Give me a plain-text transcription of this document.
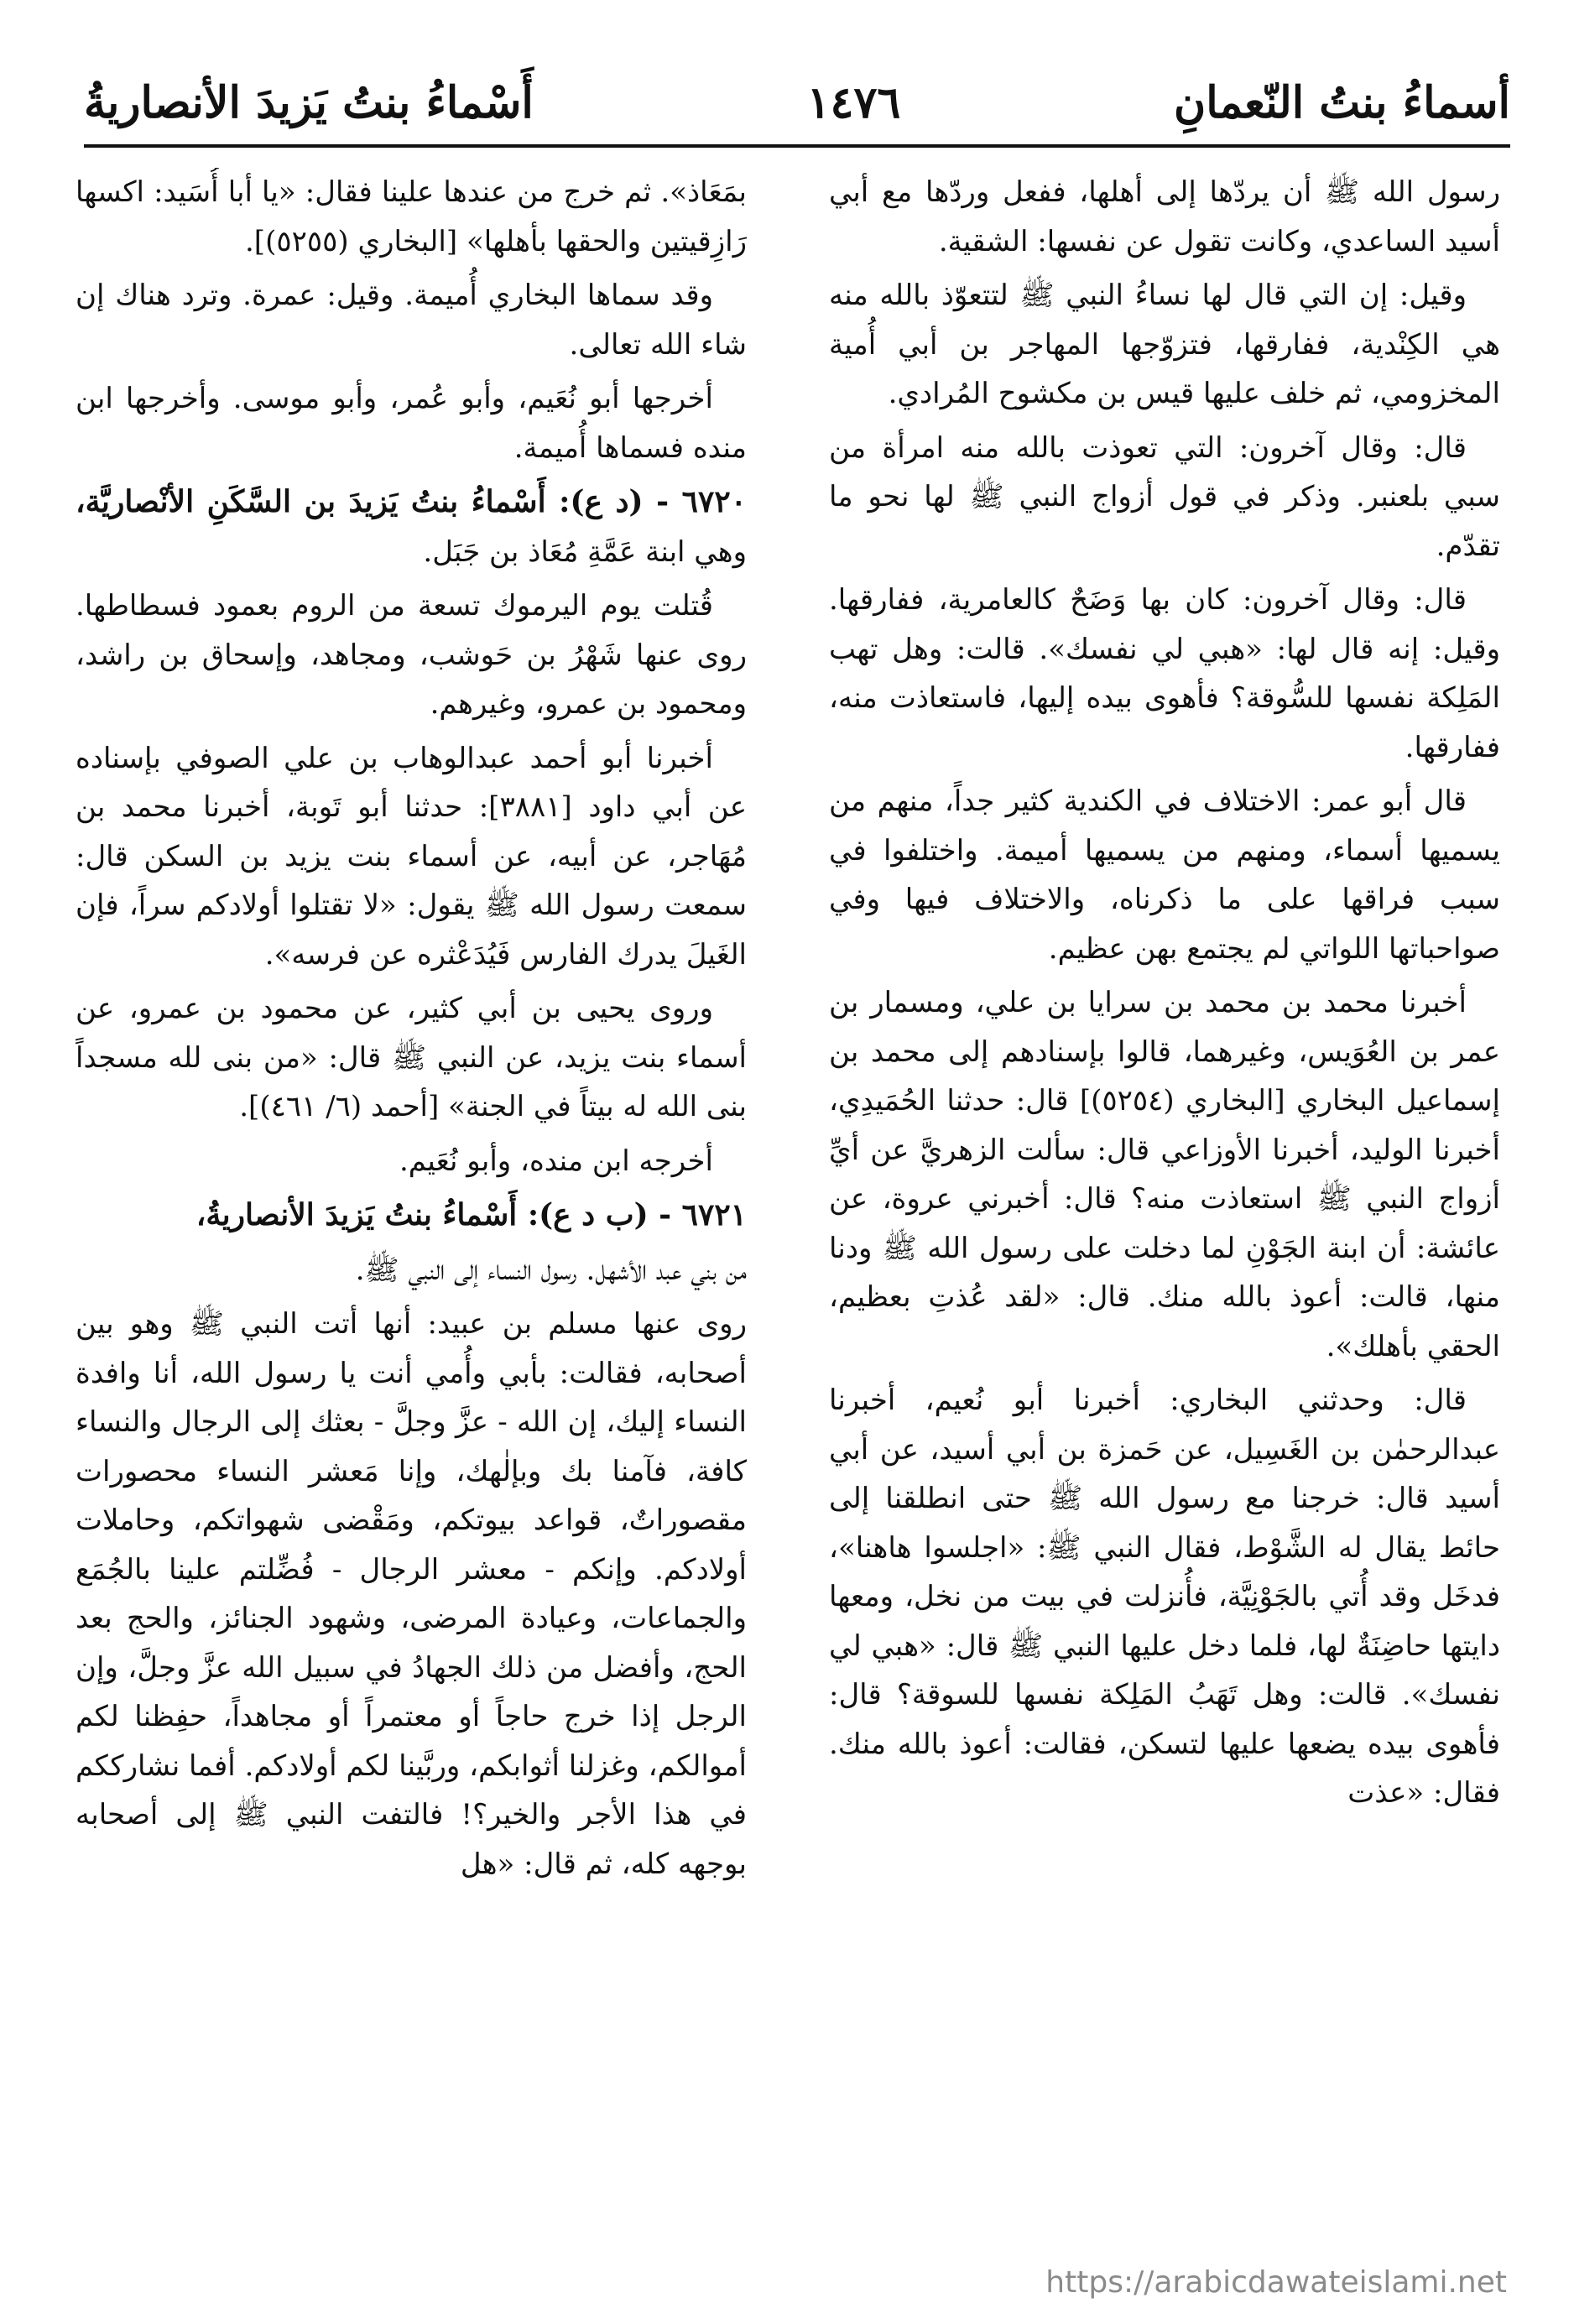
أسماءُ بنتُ النّعمانِ
١٤٧٦
أَسْماءُ بنتُ يَزيدَ الأنصاريةُ

رسول الله ﷺ أن يردّها إلى أهلها، ففعل وردّها مع أبي أسيد الساعدي، وكانت تقول عن نفسها: الشقية.

وقيل: إن التي قال لها نساءُ النبي ﷺ لتتعوّذ بالله منه هي الكِنْدية، ففارقها، فتزوّجها المهاجر بن أبي أُمية المخزومي، ثم خلف عليها قيس بن مكشوح المُرادي.

قال: وقال آخرون: التي تعوذت بالله منه امرأة من سبي بلعنبر. وذكر في قول أزواج النبي ﷺ لها نحو ما تقدّم.

قال: وقال آخرون: كان بها وَضَحٌ كالعامرية، ففارقها. وقيل: إنه قال لها: «هبي لي نفسك». قالت: وهل تهب المَلِكة نفسها للسُّوقة؟ فأهوى بيده إليها، فاستعاذت منه، ففارقها.

قال أبو عمر: الاختلاف في الكندية كثير جداً، منهم من يسميها أسماء، ومنهم من يسميها أميمة. واختلفوا في سبب فراقها على ما ذكرناه، والاختلاف فيها وفي صواحباتها اللواتي لم يجتمع بهن عظيم.

أخبرنا محمد بن محمد بن سرايا بن علي، ومسمار بن عمر بن العُوَيس، وغيرهما، قالوا بإسنادهم إلى محمد بن إسماعيل البخاري [البخاري (٥٢٥٤)] قال: حدثنا الحُمَيدِي، أخبرنا الوليد، أخبرنا الأوزاعي قال: سألت الزهريَّ عن أيِّ أزواج النبي ﷺ استعاذت منه؟ قال: أخبرني عروة، عن عائشة: أن ابنة الجَوْنِ لما دخلت على رسول الله ﷺ ودنا منها، قالت: أعوذ بالله منك. قال: «لقد عُذتِ بعظيم، الحقي بأهلك».

قال: وحدثني البخاري: أخبرنا أبو نُعيم، أخبرنا عبدالرحمٰن بن الغَسِيل، عن حَمزة بن أبي أسيد، عن أبي أسيد قال: خرجنا مع رسول الله ﷺ حتى انطلقنا إلى حائط يقال له الشَّوْط، فقال النبي ﷺ: «اجلسوا هاهنا»، فدخَل وقد أُتي بالجَوْنِيَّة، فأُنزلت في بيت من نخل، ومعها دايتها حاضِنَةٌ لها، فلما دخل عليها النبي ﷺ قال: «هبي لي نفسك». قالت: وهل تَهَبُ المَلِكة نفسها للسوقة؟ قال: فأهوى بيده يضعها عليها لتسكن، فقالت: أعوذ بالله منك. فقال: «عذت

بمَعَاذ». ثم خرج من عندها علينا فقال: «يا أبا أُسَيد: اكسها رَازِقيتين والحقها بأهلها» [البخاري (٥٢٥٥)].

وقد سماها البخاري أُميمة. وقيل: عمرة. وترد هناك إن شاء الله تعالى.

أخرجها أبو نُعَيم، وأبو عُمر، وأبو موسى. وأخرجها ابن منده فسماها أُميمة.

٦٧٢٠ - (د ع): أَسْماءُ بنتُ يَزيدَ بن السَّكَنِ الأنْصاريَّة، وهي ابنة عَمَّةِ مُعَاذ بن جَبَل.

قُتلت يوم اليرموك تسعة من الروم بعمود فسطاطها. روى عنها شَهْرُ بن حَوشب، ومجاهد، وإسحاق بن راشد، ومحمود بن عمرو، وغيرهم.

أخبرنا أبو أحمد عبدالوهاب بن علي الصوفي بإسناده عن أبي داود [٣٨٨١]: حدثنا أبو تَوبة، أخبرنا محمد بن مُهَاجر، عن أبيه، عن أسماء بنت يزيد بن السكن قال: سمعت رسول الله ﷺ يقول: «لا تقتلوا أولادكم سراً، فإن الغَيلَ يدرك الفارس فَيُدَعْثره عن فرسه».

وروى يحيى بن أبي كثير، عن محمود بن عمرو، عن أسماء بنت يزيد، عن النبي ﷺ قال: «من بنى لله مسجداً بنى الله له بيتاً في الجنة» [أحمد (٦/ ٤٦١)].

أخرجه ابن منده، وأبو نُعَيم.

٦٧٢١ - (ب د ع): أَسْماءُ بنتُ يَزيدَ الأنصاريةُ،

من بني عبد الأشهل. رسول النساء إلى النبي ﷺ.

روى عنها مسلم بن عبيد: أنها أتت النبي ﷺ وهو بين أصحابه، فقالت: بأبي وأُمي أنت يا رسول الله، أنا وافدة النساء إليك، إن الله - عزَّ وجلَّ - بعثك إلى الرجال والنساء كافة، فآمنا بك وبإلٰهك، وإنا مَعشر النساء محصورات مقصوراتٌ، قواعد بيوتكم، ومَقْضى شهواتكم، وحاملات أولادكم. وإنكم - معشر الرجال - فُضِّلتم علينا بالجُمَع والجماعات، وعيادة المرضى، وشهود الجنائز، والحج بعد الحج، وأفضل من ذلك الجهادُ في سبيل الله عزَّ وجلَّ، وإن الرجل إذا خرج حاجاً أو معتمراً أو مجاهداً، حفِظنا لكم أموالكم، وغزلنا أثوابكم، وربَّينا لكم أولادكم. أفما نشارككم في هذا الأجر والخير؟! فالتفت النبي ﷺ إلى أصحابه بوجهه كله، ثم قال: «هل

https://arabicdawateislami.net
